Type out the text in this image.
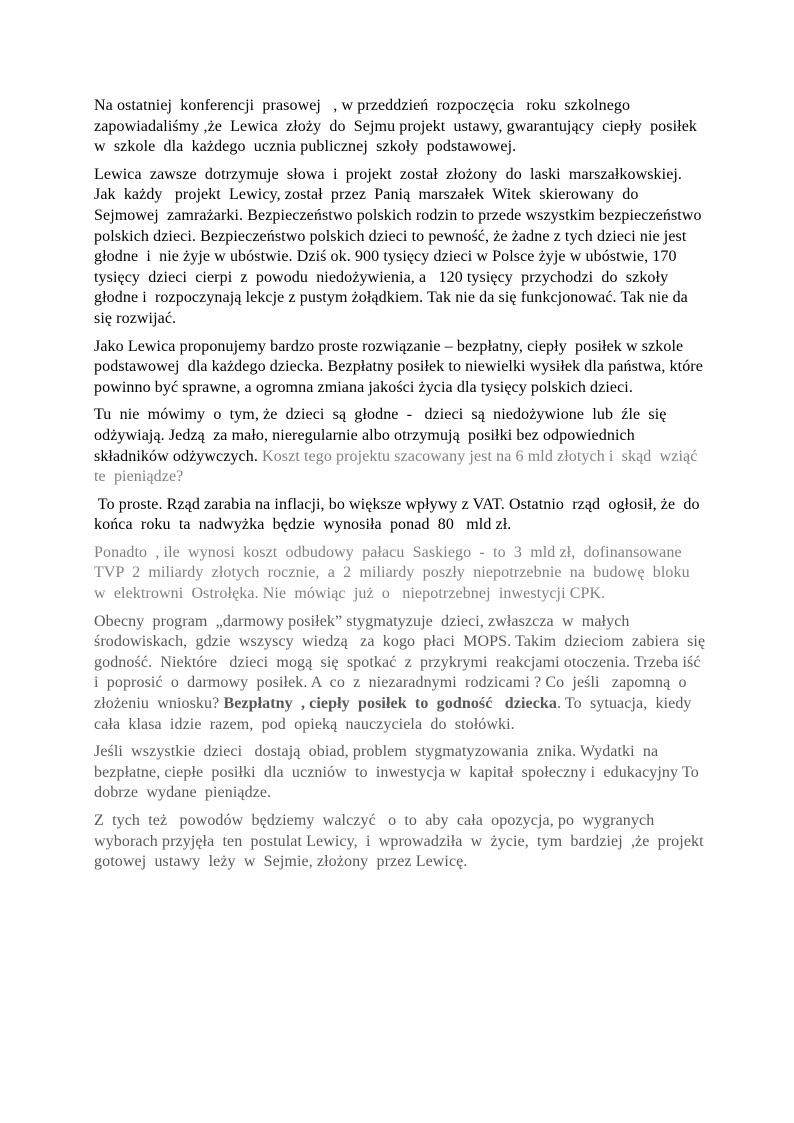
Na ostatniej  konferencji  prasowej   , w przeddzień  rozpoczęcia   roku  szkolnego
zapowiadaliśmy ,że  Lewica  złoży  do  Sejmu projekt  ustawy, gwarantujący  ciepły  posiłek
w  szkole  dla  każdego  ucznia publicznej  szkoły  podstawowej.

Lewica  zawsze  dotrzymuje  słowa  i  projekt  został  złożony  do  laski  marszałkowskiej.
Jak  każdy   projekt  Lewicy, został  przez  Panią  marszałek  Witek  skierowany  do
Sejmowej  zamrażarki. Bezpieczeństwo polskich rodzin to przede wszystkim bezpieczeństwo
polskich dzieci. Bezpieczeństwo polskich dzieci to pewność, że żadne z tych dzieci nie jest
głodne  i  nie żyje w ubóstwie. Dziś ok. 900 tysięcy dzieci w Polsce żyje w ubóstwie, 170
tysięcy  dzieci  cierpi  z  powodu  niedożywienia, a   120 tysięcy  przychodzi  do  szkoły
głodne i  rozpoczynają lekcje z pustym żołądkiem. Tak nie da się funkcjonować. Tak nie da
się rozwijać.

Jako Lewica proponujemy bardzo proste rozwiązanie – bezpłatny, ciepły  posiłek w szkole
podstawowej  dla każdego dziecka. Bezpłatny posiłek to niewielki wysiłek dla państwa, które
powinno być sprawne, a ogromna zmiana jakości życia dla tysięcy polskich dzieci.

Tu  nie  mówimy  o  tym, że  dzieci  są  głodne  -   dzieci  są  niedożywione  lub  źle  się
odżywiają. Jedzą  za mało, nieregularnie albo otrzymują  posiłki bez odpowiednich
składników odżywczych. Koszt tego projektu szacowany jest na 6 mld złotych i  skąd  wziąć
te  pieniądze?

To proste. Rząd zarabia na inflacji, bo większe wpływy z VAT. Ostatnio  rząd  ogłosił, że  do
końca  roku  ta  nadwyżka  będzie  wynosiła  ponad  80   mld zł.

Ponadto  , ile  wynosi  koszt  odbudowy  pałacu  Saskiego  -  to  3  mld zł,  dofinansowane
TVP  2  miliardy  złotych  rocznie,  a  2  miliardy  poszły  niepotrzebnie  na  budowę  bloku
w  elektrowni  Ostrołęka. Nie  mówiąc  już  o   niepotrzebnej  inwestycji CPK.

Obecny  program  „darmowy posiłek” stygmatyzuje  dzieci, zwłaszcza  w  małych
środowiskach,  gdzie  wszyscy  wiedzą   za  kogo  płaci  MOPS. Takim  dzieciom  zabiera  się
godność.  Niektóre   dzieci  mogą  się  spotkać  z  przykrymi  reakcjami otoczenia. Trzeba iść
i  poprosić  o  darmowy  posiłek. A  co  z  niezaradnymi  rodzicami ? Co  jeśli   zapomną  o
złożeniu  wniosku? Bezpłatny  , ciepły  posiłek  to  godność   dziecka. To  sytuacja,  kiedy
cała  klasa  idzie  razem,  pod  opieką  nauczyciela  do  stołówki.

Jeśli  wszystkie  dzieci   dostają  obiad, problem  stygmatyzowania  znika. Wydatki  na
bezpłatne, ciepłe  posiłki  dla  uczniów  to  inwestycja w  kapitał  społeczny i  edukacyjny To
dobrze  wydane  pieniądze.

Z  tych  też   powodów  będziemy  walczyć   o  to  aby  cała  opozycja, po  wygranych
wyborach przyjęła  ten  postulat Lewicy,  i  wprowadziła  w  życie,  tym  bardziej  ,że  projekt
gotowej  ustawy  leży  w  Sejmie, złożony  przez Lewicę.
